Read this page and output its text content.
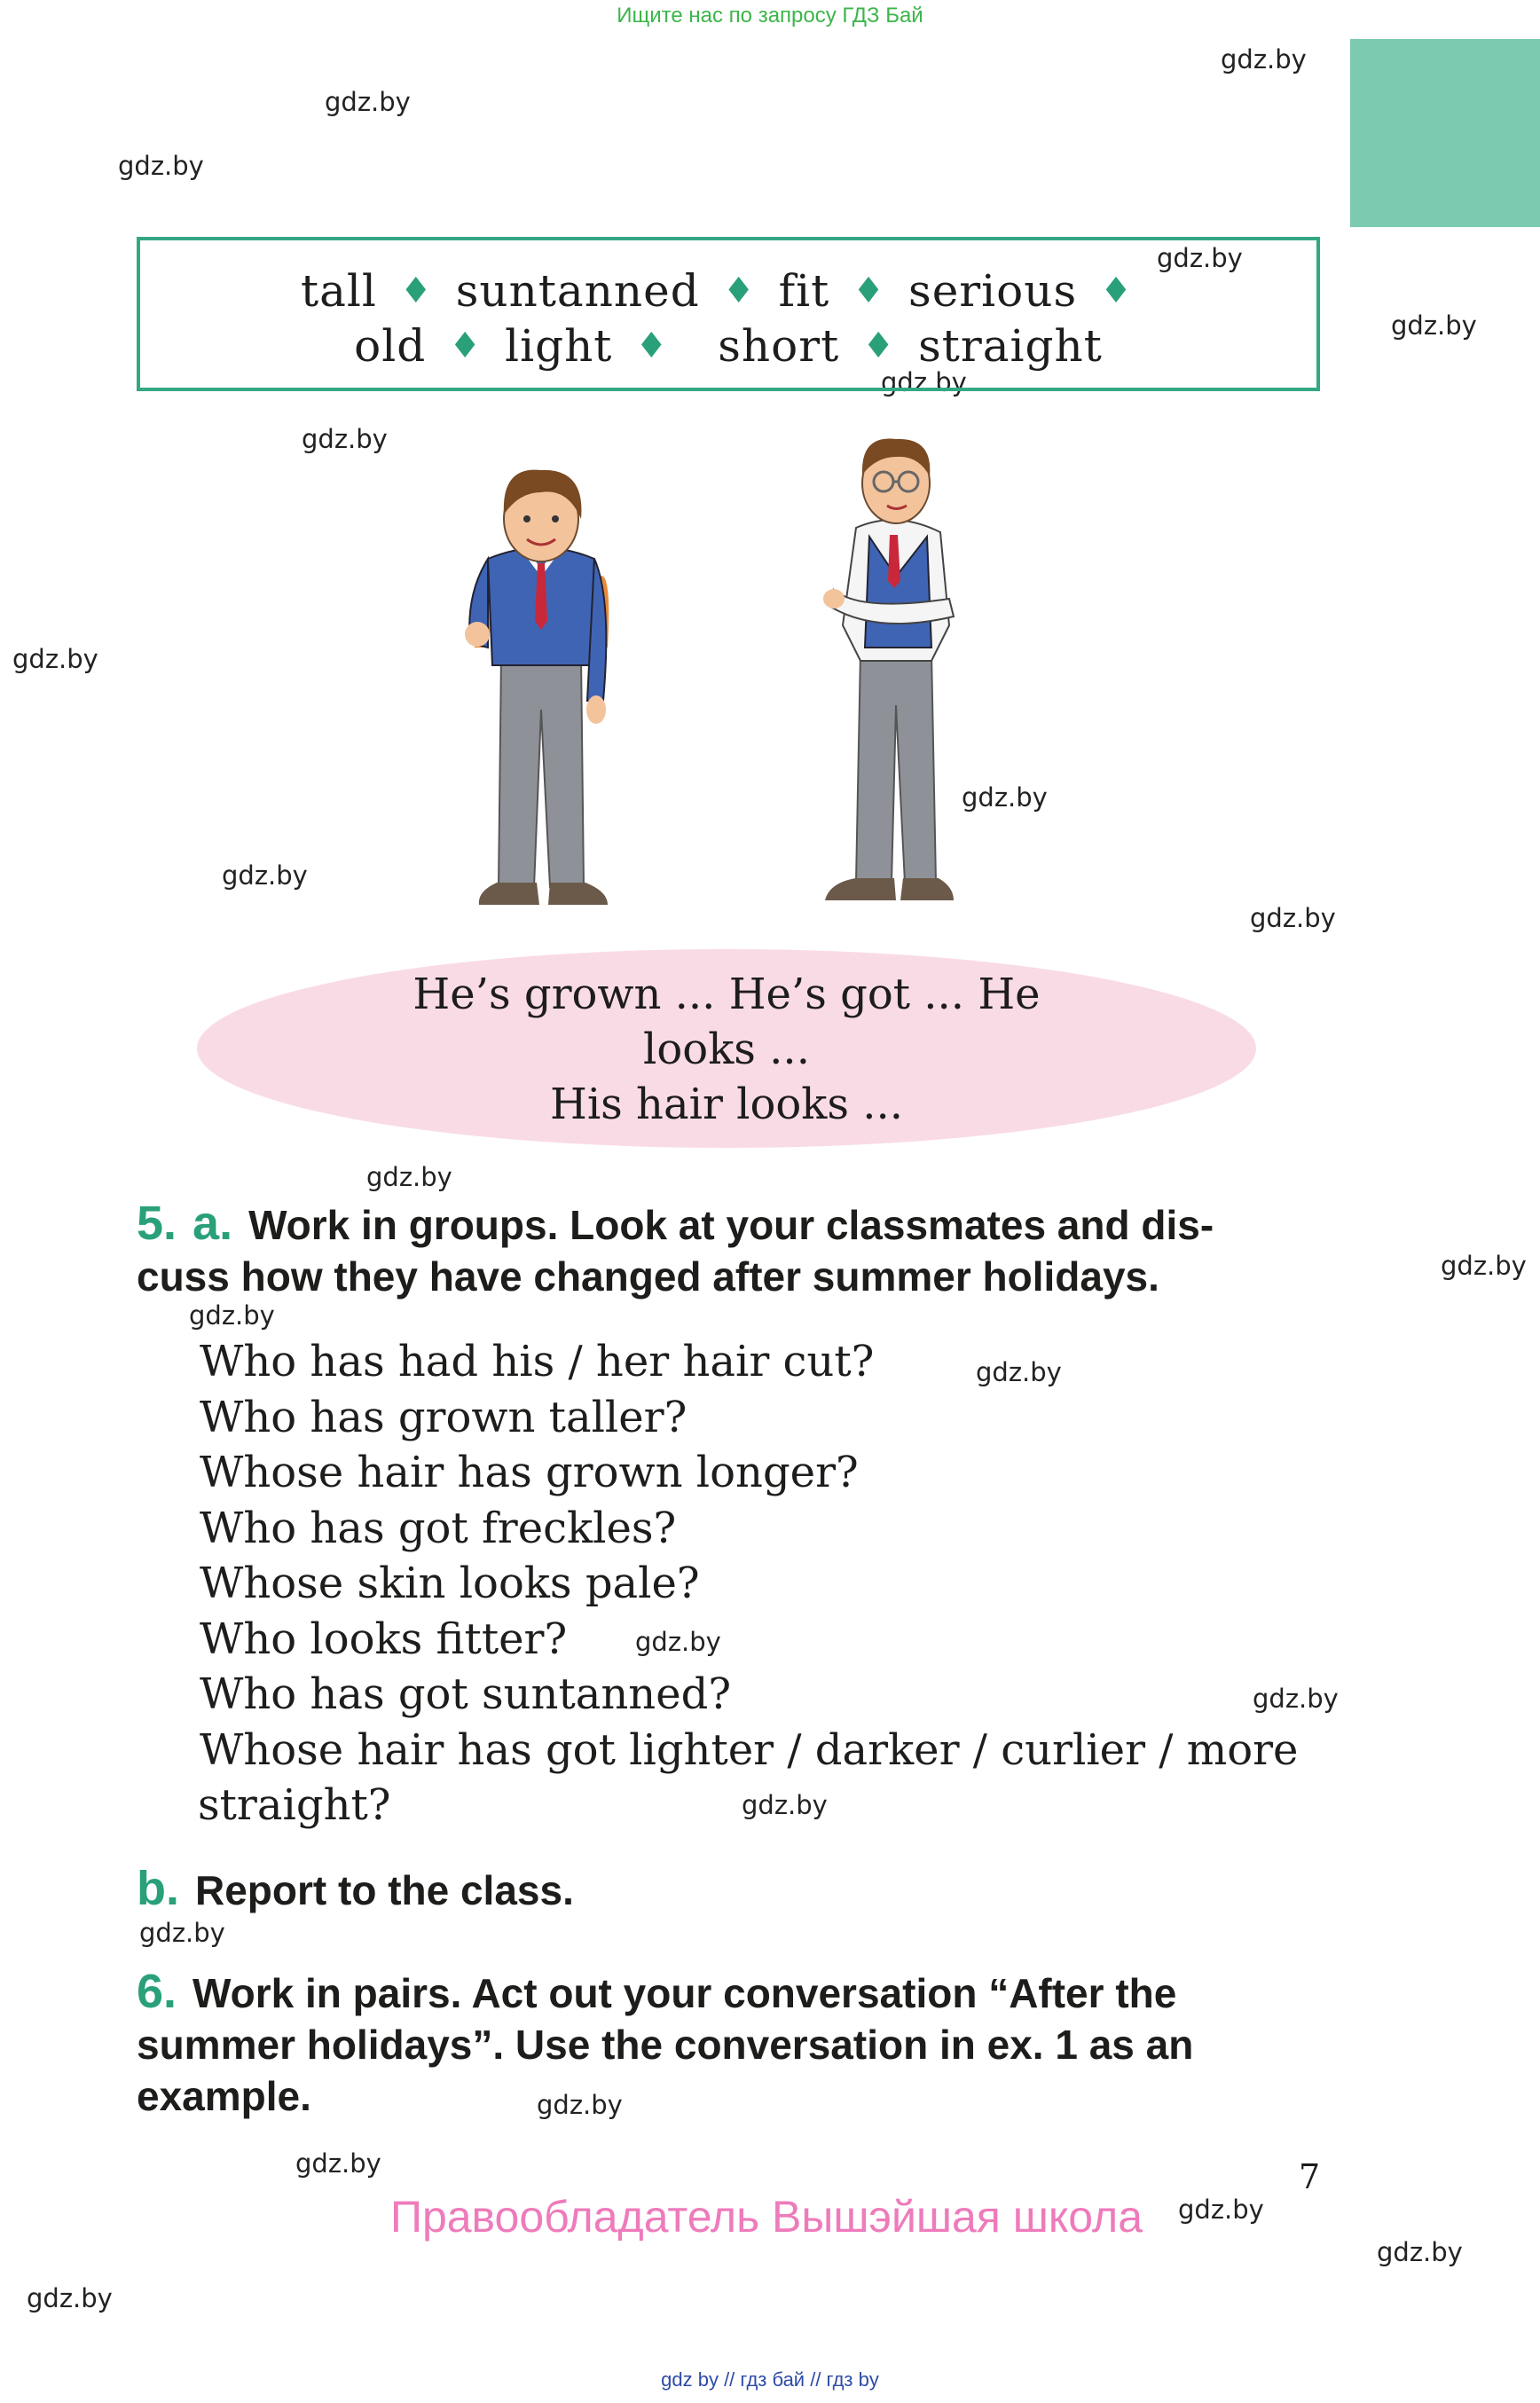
Ищите нас по запросу ГДЗ Бай
gdz.by
gdz.by
gdz.by
gdz.by
gdz.by
gdz.by
gdz.by
gdz.by
gdz.by
gdz.by
gdz.by
gdz.by
gdz.by
gdz.by
gdz.by
gdz.by
gdz.by
gdz.by
gdz.by
gdz.by
gdz.by
gdz.by
gdz.by
gdz.by
tall ♦ suntanned ♦ fit ♦ serious ♦
old ♦ light ♦ short ♦ straight
He’s grown ... He’s got ... He
looks ...
His hair looks ...
5. a. Work in groups. Look at your classmates and dis-
cuss how they have changed after summer holidays.
Who has had his / her hair cut?
Who has grown taller?
Whose hair has grown longer?
Who has got freckles?
Whose skin looks pale?
Who looks fitter?
Who has got suntanned?
Whose hair has got lighter / darker / curlier / more
straight?
b. Report to the class.
6. Work in pairs. Act out your conversation “After the
summer holidays”. Use the conversation in ex. 1 as an
example.
7
Правообладатель Вышэйшая школа
gdz by // гдз бай // гдз by
